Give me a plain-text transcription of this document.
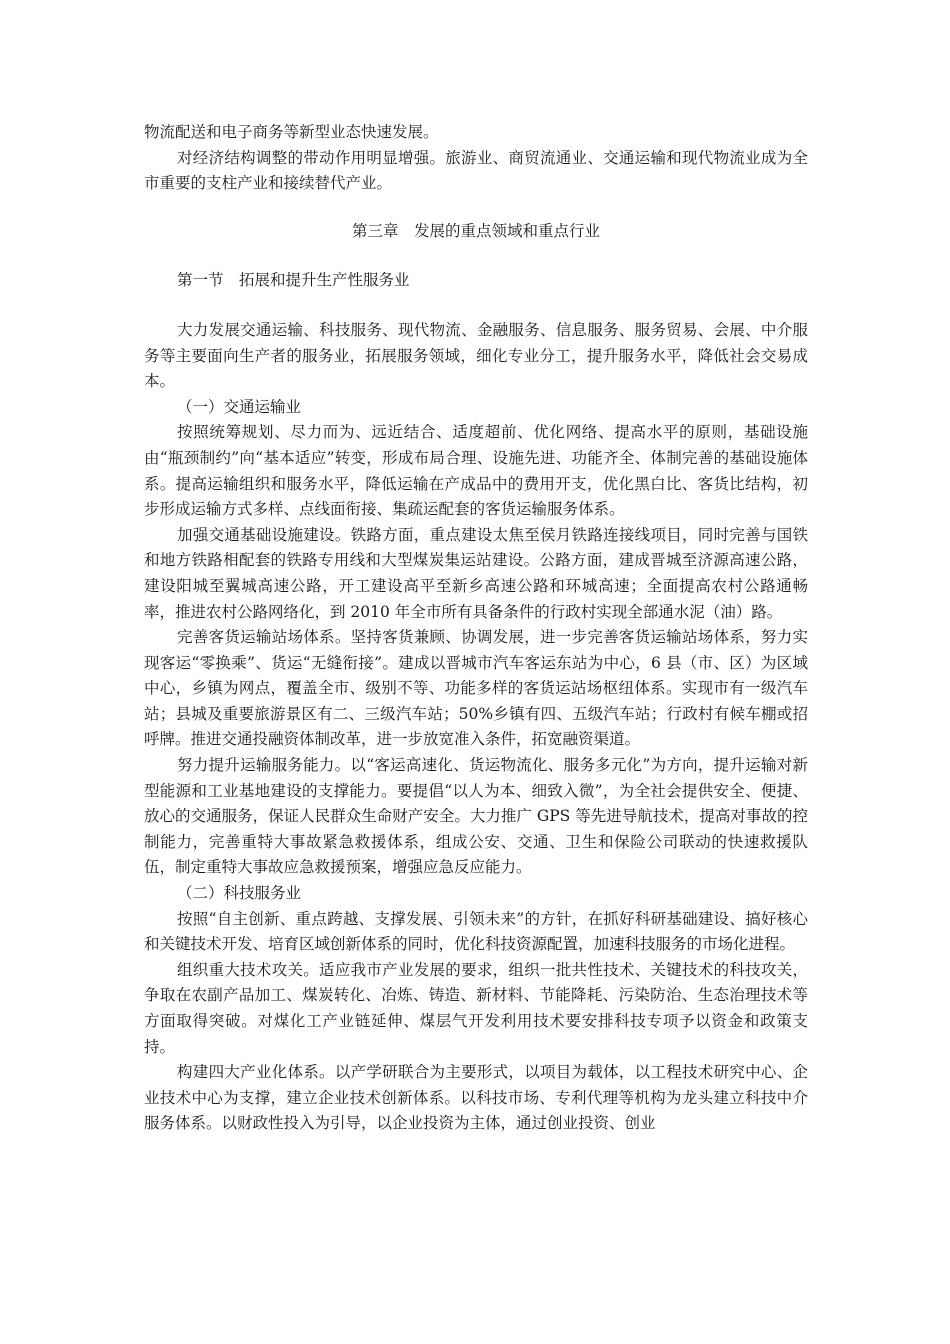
物流配送和电子商务等新型业态快速发展。

对经济结构调整的带动作用明显增强。旅游业、商贸流通业、交通运输和现代物流业成为全市重要的支柱产业和接续替代产业。

第三章　发展的重点领域和重点行业

第一节　拓展和提升生产性服务业

大力发展交通运输、科技服务、现代物流、金融服务、信息服务、服务贸易、会展、中介服务等主要面向生产者的服务业，拓展服务领域，细化专业分工，提升服务水平，降低社会交易成本。

（一）交通运输业

按照统筹规划、尽力而为、远近结合、适度超前、优化网络、提高水平的原则，基础设施由“瓶颈制约”向“基本适应”转变，形成布局合理、设施先进、功能齐全、体制完善的基础设施体系。提高运输组织和服务水平，降低运输在产成品中的费用开支，优化黑白比、客货比结构，初步形成运输方式多样、点线面衔接、集疏运配套的客货运输服务体系。

加强交通基础设施建设。铁路方面，重点建设太焦至侯月铁路连接线项目，同时完善与国铁和地方铁路相配套的铁路专用线和大型煤炭集运站建设。公路方面，建成晋城至济源高速公路，建设阳城至翼城高速公路，开工建设高平至新乡高速公路和环城高速；全面提高农村公路通畅率，推进农村公路网络化，到 2010 年全市所有具备条件的行政村实现全部通水泥（油）路。

完善客货运输站场体系。坚持客货兼顾、协调发展，进一步完善客货运输站场体系，努力实现客运“零换乘”、货运“无缝衔接”。建成以晋城市汽车客运东站为中心，6 县（市、区）为区域中心，乡镇为网点，覆盖全市、级别不等、功能多样的客货运站场枢纽体系。实现市有一级汽车站；县城及重要旅游景区有二、三级汽车站；50%乡镇有四、五级汽车站；行政村有候车棚或招呼牌。推进交通投融资体制改革，进一步放宽准入条件，拓宽融资渠道。

努力提升运输服务能力。以“客运高速化、货运物流化、服务多元化”为方向，提升运输对新型能源和工业基地建设的支撑能力。要提倡“以人为本、细致入微”，为全社会提供安全、便捷、放心的交通服务，保证人民群众生命财产安全。大力推广 GPS 等先进导航技术，提高对事故的控制能力，完善重特大事故紧急救援体系，组成公安、交通、卫生和保险公司联动的快速救援队伍，制定重特大事故应急救援预案，增强应急反应能力。

（二）科技服务业

按照“自主创新、重点跨越、支撑发展、引领未来”的方针，在抓好科研基础建设、搞好核心和关键技术开发、培育区域创新体系的同时，优化科技资源配置，加速科技服务的市场化进程。

组织重大技术攻关。适应我市产业发展的要求，组织一批共性技术、关键技术的科技攻关，争取在农副产品加工、煤炭转化、冶炼、铸造、新材料、节能降耗、污染防治、生态治理技术等方面取得突破。对煤化工产业链延伸、煤层气开发利用技术要安排科技专项予以资金和政策支持。

构建四大产业化体系。以产学研联合为主要形式，以项目为载体，以工程技术研究中心、企业技术中心为支撑，建立企业技术创新体系。以科技市场、专利代理等机构为龙头建立科技中介服务体系。以财政性投入为引导，以企业投资为主体，通过创业投资、创业
